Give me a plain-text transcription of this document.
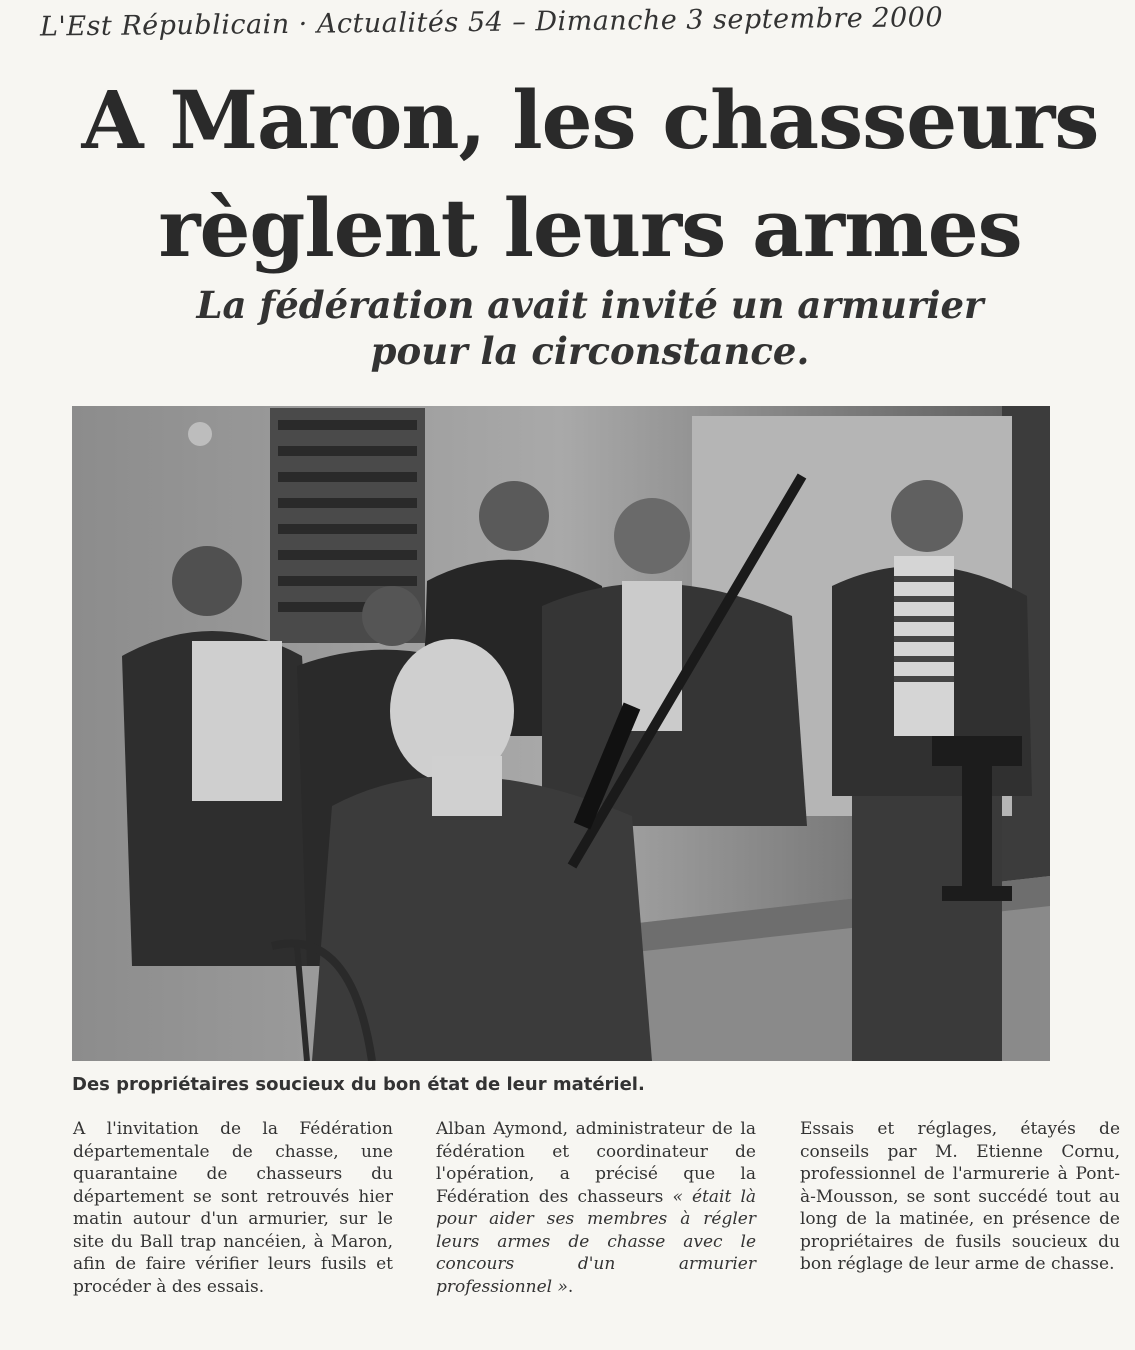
L'Est Républicain · Actualités 54 – Dimanche 3 septembre 2000
A Maron, les chasseurs
règlent leurs armes
La fédération avait invité un armurier
pour la circonstance.

Des propriétaires soucieux du bon état de leur matériel.

A l'invitation de la Fédération départementale de chasse, une quarantaine de chasseurs du département se sont retrouvés hier matin autour d'un armurier, sur le site du Ball trap nancéien, à Maron, afin de faire vérifier leurs fusils et procéder à des essais.

Alban Aymond, administrateur de la fédération et coordinateur de l'opération, a précisé que la Fédération des chasseurs « était là pour aider ses membres à régler leurs armes de chasse avec le concours d'un armurier professionnel ».

Essais et réglages, étayés de conseils par M. Etienne Cornu, professionnel de l'armurerie à Pont-à-Mousson, se sont succédé tout au long de la matinée, en présence de propriétaires de fusils soucieux du bon réglage de leur arme de chasse.
